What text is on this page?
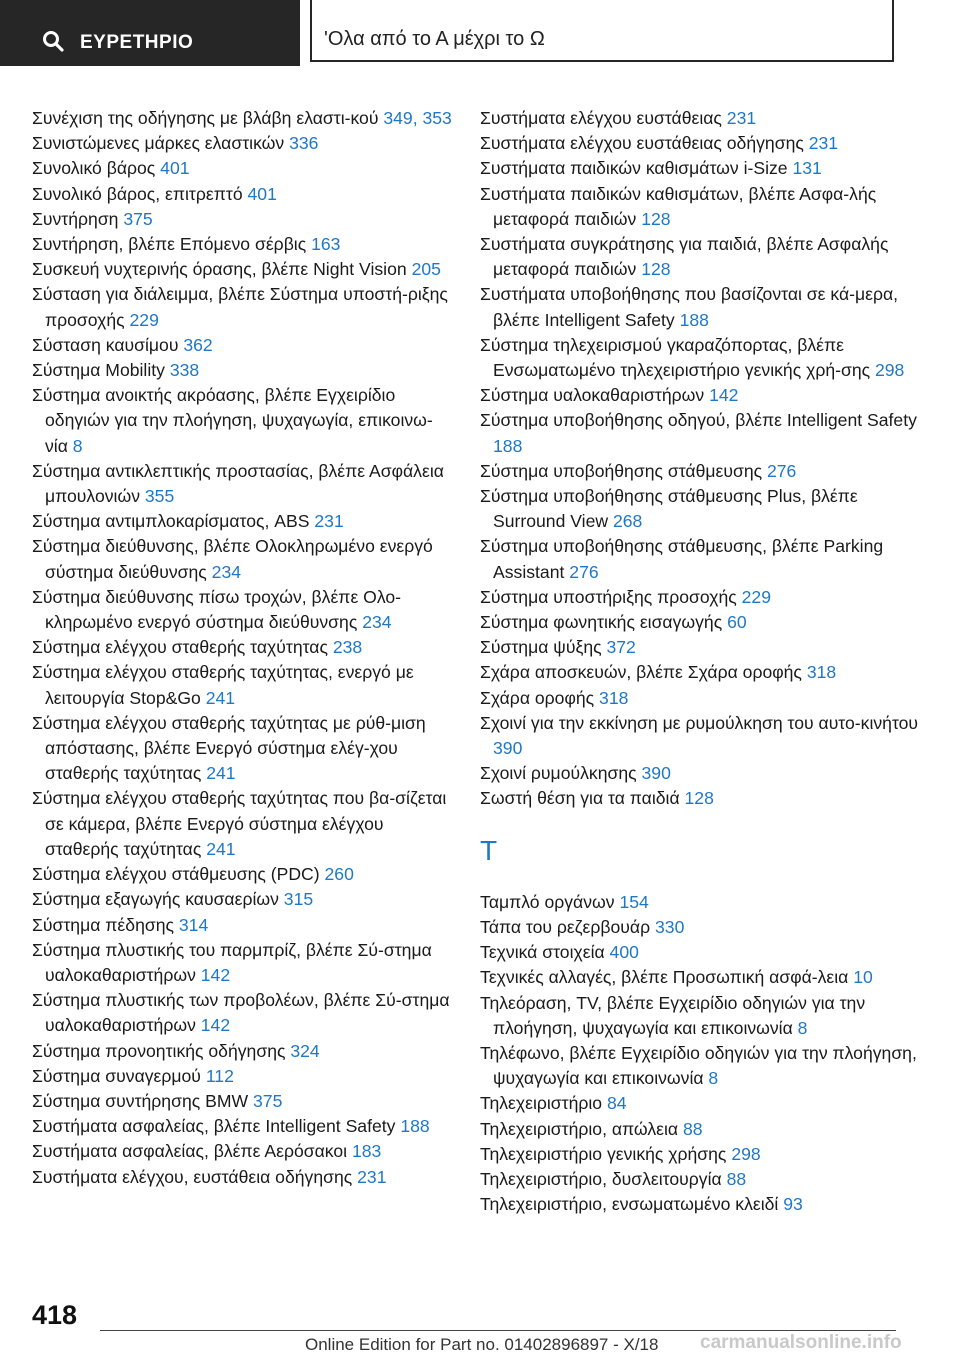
ΕΥΡΕΤΗΡΙΟ	'Ολα από το Α μέχρι το Ω
Συνέχιση της οδήγησης με βλάβη ελαστι-κού 349, 353
Συνιστώμενες μάρκες ελαστικών 336
Συνολικό βάρος 401
Συνολικό βάρος, επιτρεπτό 401
Συντήρηση 375
Συντήρηση, βλέπε Επόμενο σέρβις 163
Συσκευή νυχτερινής όρασης, βλέπε Night Vision 205
Σύσταση για διάλειμμα, βλέπε Σύστημα υποστή-ριξης προσοχής 229
Σύσταση καυσίμου 362
Σύστημα Mobility 338
Σύστημα ανοικτής ακρόασης, βλέπε Εγχειρίδιο οδηγιών για την πλοήγηση, ψυχαγωγία, επικοινω-νία 8
Σύστημα αντικλεπτικής προστασίας, βλέπε Ασφάλεια μπουλονιών 355
Σύστημα αντιμπλοκαρίσματος, ABS 231
Σύστημα διεύθυνσης, βλέπε Ολοκληρωμένο ενεργό σύστημα διεύθυνσης 234
Σύστημα διεύθυνσης πίσω τροχών, βλέπε Ολο-κληρωμένο ενεργό σύστημα διεύθυνσης 234
Σύστημα ελέγχου σταθερής ταχύτητας 238
Σύστημα ελέγχου σταθερής ταχύτητας, ενεργό με λειτουργία Stop&Go 241
Σύστημα ελέγχου σταθερής ταχύτητας με ρύθ-μιση απόστασης, βλέπε Ενεργό σύστημα ελέγ-χου σταθερής ταχύτητας 241
Σύστημα ελέγχου σταθερής ταχύτητας που βα-σίζεται σε κάμερα, βλέπε Ενεργό σύστημα ελέγχου σταθερής ταχύτητας 241
Σύστημα ελέγχου στάθμευσης (PDC) 260
Σύστημα εξαγωγής καυσαερίων 315
Σύστημα πέδησης 314
Σύστημα πλυστικής του παρμπρίζ, βλέπε Σύ-στημα υαλοκαθαριστήρων 142
Σύστημα πλυστικής των προβολέων, βλέπε Σύ-στημα υαλοκαθαριστήρων 142
Σύστημα προνοητικής οδήγησης 324
Σύστημα συναγερμού 112
Σύστημα συντήρησης BMW 375
Συστήματα ασφαλείας, βλέπε Intelligent Safety 188
Συστήματα ασφαλείας, βλέπε Αερόσακοι 183
Συστήματα ελέγχου, ευστάθεια οδήγησης 231
Συστήματα ελέγχου ευστάθειας 231
Συστήματα ελέγχου ευστάθειας οδήγησης 231
Συστήματα παιδικών καθισμάτων i-Size 131
Συστήματα παιδικών καθισμάτων, βλέπε Ασφα-λής μεταφορά παιδιών 128
Συστήματα συγκράτησης για παιδιά, βλέπε Ασφαλής μεταφορά παιδιών 128
Συστήματα υποβοήθησης που βασίζονται σε κά-μερα, βλέπε Intelligent Safety 188
Σύστημα τηλεχειρισμού γκαραζόπορτας, βλέπε Ενσωματωμένο τηλεχειριστήριο γενικής χρή-σης 298
Σύστημα υαλοκαθαριστήρων 142
Σύστημα υποβοήθησης οδηγού, βλέπε Intelligent Safety 188
Σύστημα υποβοήθησης στάθμευσης 276
Σύστημα υποβοήθησης στάθμευσης Plus, βλέπε Surround View 268
Σύστημα υποβοήθησης στάθμευσης, βλέπε Parking Assistant 276
Σύστημα υποστήριξης προσοχής 229
Σύστημα φωνητικής εισαγωγής 60
Σύστημα ψύξης 372
Σχάρα αποσκευών, βλέπε Σχάρα οροφής 318
Σχάρα οροφής 318
Σχοινί για την εκκίνηση με ρυμούλκηση του αυτο-κινήτου 390
Σχοινί ρυμούλκησης 390
Σωστή θέση για τα παιδιά 128
Τ
Ταμπλό οργάνων 154
Τάπα του ρεζερβουάρ 330
Τεχνικά στοιχεία 400
Τεχνικές αλλαγές, βλέπε Προσωπική ασφά-λεια 10
Τηλεόραση, TV, βλέπε Εγχειρίδιο οδηγιών για την πλοήγηση, ψυχαγωγία και επικοινωνία 8
Τηλέφωνο, βλέπε Εγχειρίδιο οδηγιών για την πλοήγηση, ψυχαγωγία και επικοινωνία 8
Τηλεχειριστήριο 84
Τηλεχειριστήριο, απώλεια 88
Τηλεχειριστήριο γενικής χρήσης 298
Τηλεχειριστήριο, δυσλειτουργία 88
Τηλεχειριστήριο, ενσωματωμένο κλειδί 93
418
Online Edition for Part no. 01402896897 - X/18 carmanualsonline.info
